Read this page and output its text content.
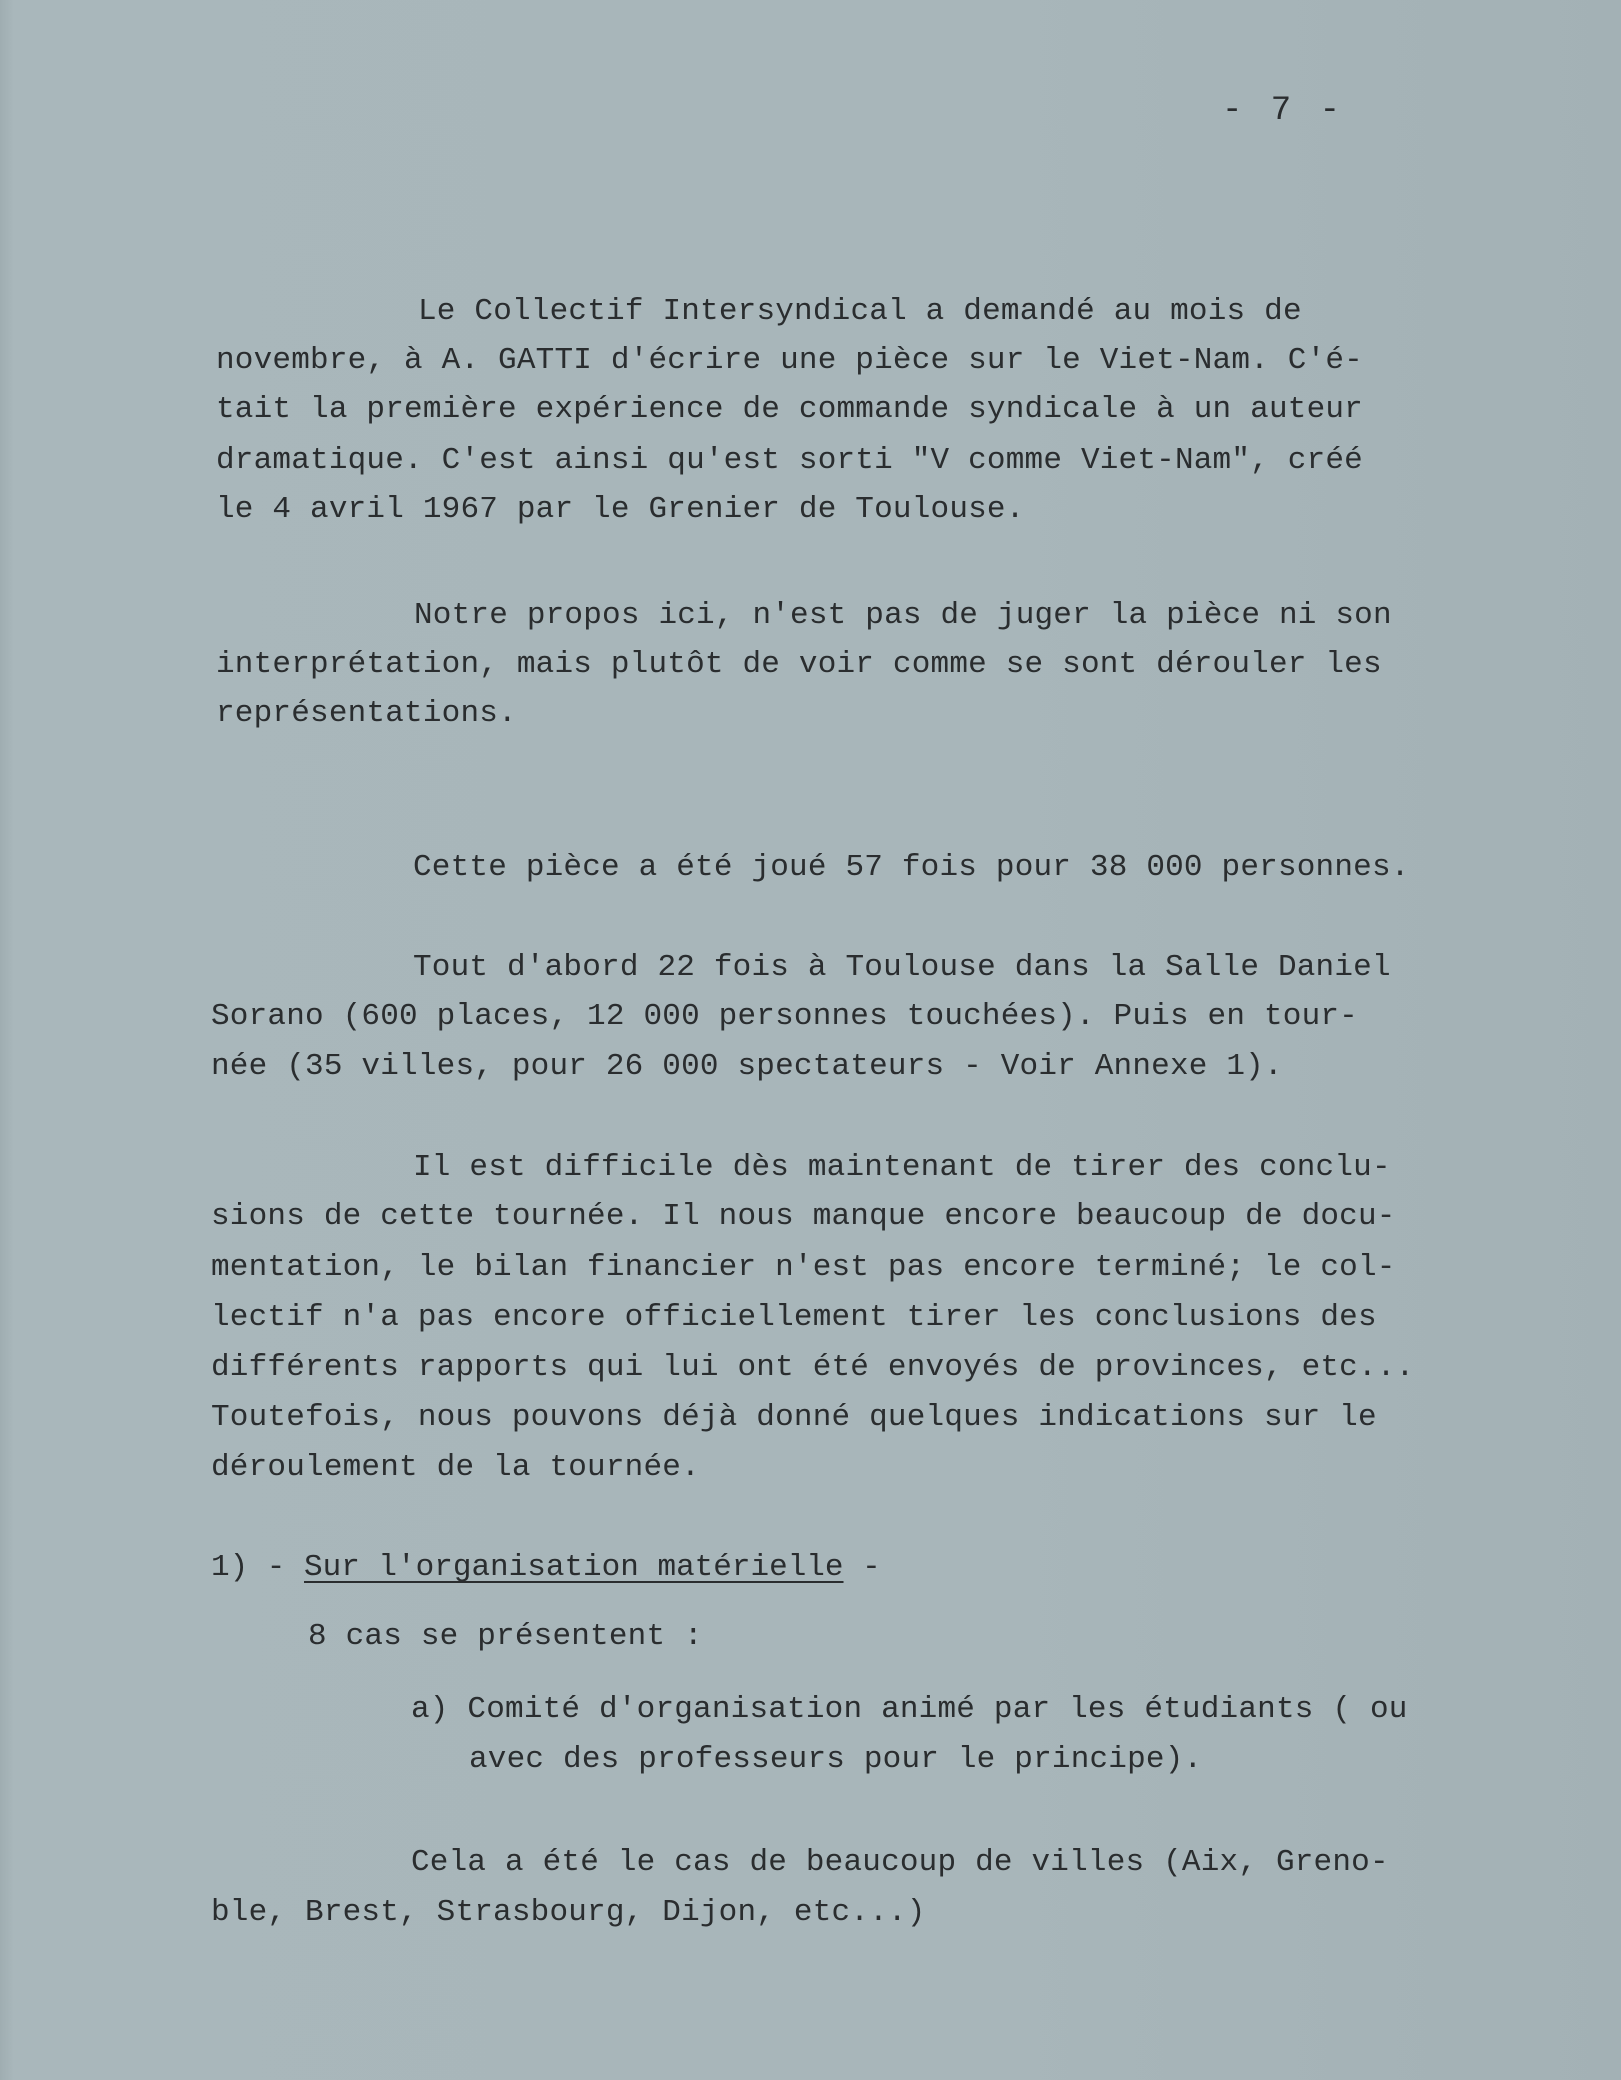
- 7 -

Le Collectif Intersyndical a demandé au mois de

novembre, à A. GATTI d'écrire une pièce sur le Viet-Nam. C'é-

tait la première expérience de commande syndicale à un auteur

dramatique. C'est ainsi qu'est sorti "V comme Viet-Nam", créé

le 4 avril 1967 par le Grenier de Toulouse.

Notre propos ici, n'est pas de juger la pièce ni son

interprétation, mais plutôt de voir comme se sont dérouler les

représentations.

Cette pièce a été joué 57 fois pour 38 000 personnes.

Tout d'abord 22 fois à Toulouse dans la Salle Daniel

Sorano (600 places, 12 000 personnes touchées). Puis en tour-

née (35 villes, pour 26 000 spectateurs - Voir Annexe 1).

Il est difficile dès maintenant de tirer des conclu-

sions de cette tournée. Il nous manque encore beaucoup de docu-

mentation, le bilan financier n'est pas encore terminé; le col-

lectif n'a pas encore officiellement tirer les conclusions des

différents rapports qui lui ont été envoyés de provinces, etc...

Toutefois, nous pouvons déjà donné quelques indications sur le

déroulement de la tournée.

1) - Sur l'organisation matérielle -

8 cas se présentent :

a) Comité d'organisation animé par les étudiants ( ou

avec des professeurs pour le principe).

Cela a été le cas de beaucoup de villes (Aix, Greno-

ble, Brest, Strasbourg, Dijon, etc...)
